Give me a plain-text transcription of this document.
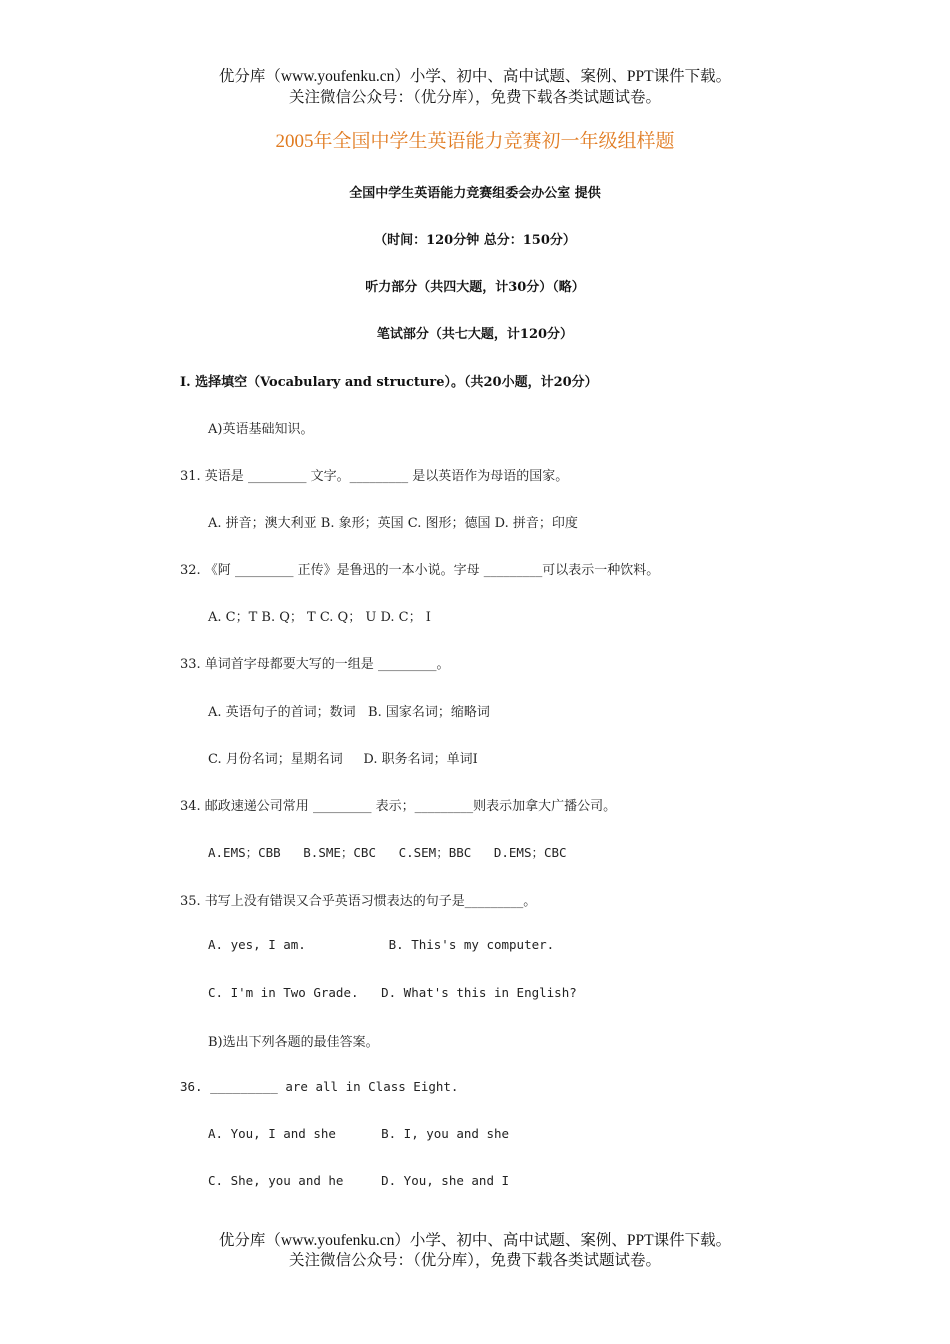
优分库（www.youfenku.cn）小学、初中、高中试题、案例、PPT课件下载。
关注微信公众号：（优分库），免费下载各类试题试卷。
2005年全国中学生英语能力竞赛初一年级组样题
全国中学生英语能力竞赛组委会办公室 提供
（时间：120分钟 总分：150分）
听力部分（共四大题，计30分）（略）
笔试部分（共七大题，计120分）
I. 选择填空（Vocabulary and structure）。（共20小题，计20分）
A)英语基础知识。
31. 英语是 _________ 文字。_________ 是以英语作为母语的国家。
A. 拼音；澳大利亚 B. 象形；英国 C. 图形；德国 D. 拼音；印度
32. 《阿 _________ 正传》是鲁迅的一本小说。字母 _________可以表示一种饮料。
A. C；T B. Q； T C. Q； U D. C； I
33. 单词首字母都要大写的一组是 _________。
A. 英语句子的首词；数词   B. 国家名词；缩略词
C. 月份名词；星期名词     D. 职务名词；单词I
34. 邮政速递公司常用 _________ 表示；_________则表示加拿大广播公司。
A.EMS；CBB   B.SME；CBC   C.SEM；BBC   D.EMS；CBC
35. 书写上没有错误又合乎英语习惯表达的句子是_________。
A. yes, I am.           B. This's my computer.
C. I'm in Two Grade.   D. What's this in English?
B)选出下列各题的最佳答案。
36. _________ are all in Class Eight.
A. You, I and she      B. I, you and she
C. She, you and he     D. You, she and I
优分库（www.youfenku.cn）小学、初中、高中试题、案例、PPT课件下载。
关注微信公众号：（优分库），免费下载各类试题试卷。
